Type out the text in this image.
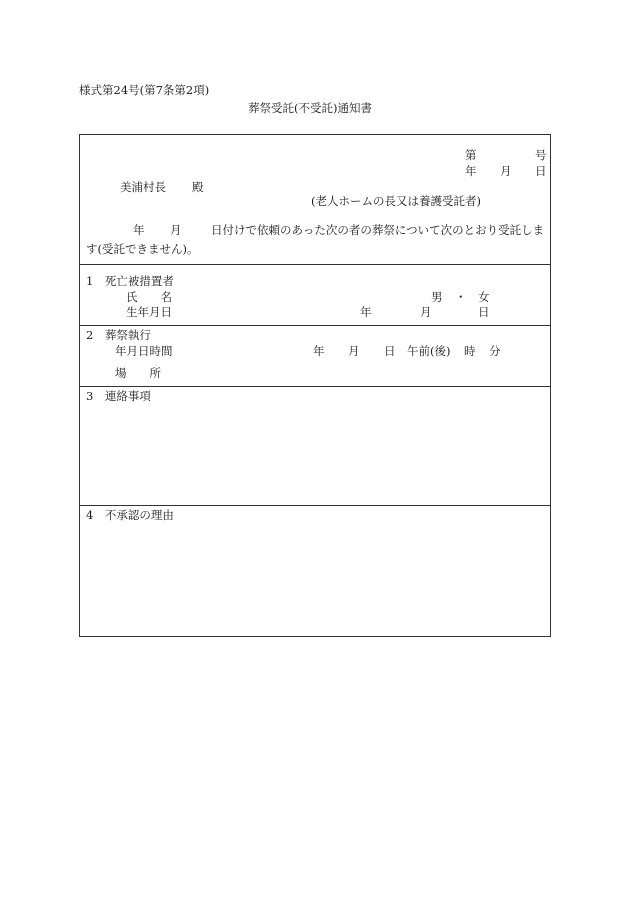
様式第24号(第7条第2項)
葬祭受託(不受託)通知書
第	号
年 月 日
美浦村長 殿
(老人ホームの長又は養護受託者)
年 月	日付けで依頼のあった次の者の葬祭について次のとおり受託します(受託できません)。
1　死亡被措置者
氏　　名	男 ・ 女
生年月日	年	月	日
2　葬祭執行
年月日時間	年 月 日 午前(後) 時 分
場　　所
3　連絡事項
4　不承認の理由
